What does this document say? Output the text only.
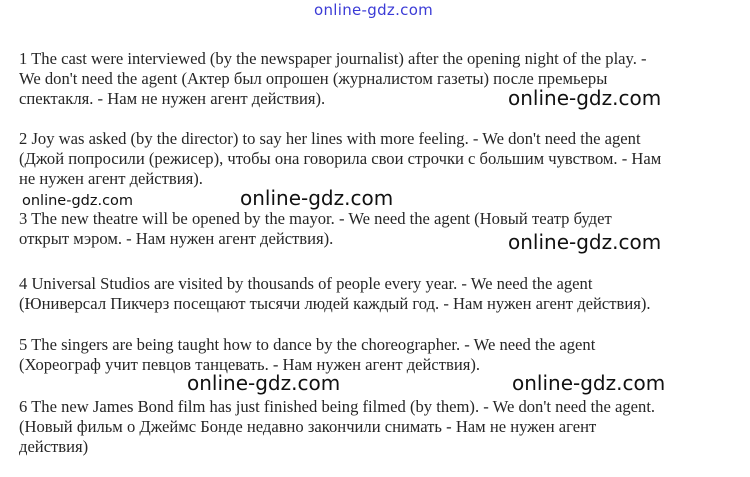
online-gdz.com
1 The cast were interviewed (by the newspaper journalist) after the opening night of the play. -
We don't need the agent (Актер был опрошен (журналистом газеты) после премьеры
спектакля. - Нам не нужен агент действия).
2 Joy was asked (by the director) to say her lines with more feeling. - We don't need the agent
(Джой попросили (режисер), чтобы она говорила свои строчки с большим чувством. - Нам
не нужен агент действия).
3 The new theatre will be opened by the mayor. - We need the agent (Новый театр будет
открыт мэром. - Нам нужен агент действия).
4 Universal Studios are visited by thousands of people every year. - We need the agent
(Юниверсал Пикчерз посещают тысячи людей каждый год. - Нам нужен агент действия).
5 The singers are being taught how to dance by the choreographer. - We need the agent
(Хореограф учит певцов танцевать. - Нам нужен агент действия).
6 The new James Bond film has just finished being filmed (by them). - We don't need the agent.
(Новый фильм о Джеймс Бонде недавно закончили снимать - Нам не нужен агент
действия)
online-gdz.com
online-gdz.com	online-gdz.com
online-gdz.com
online-gdz.com	online-gdz.com
